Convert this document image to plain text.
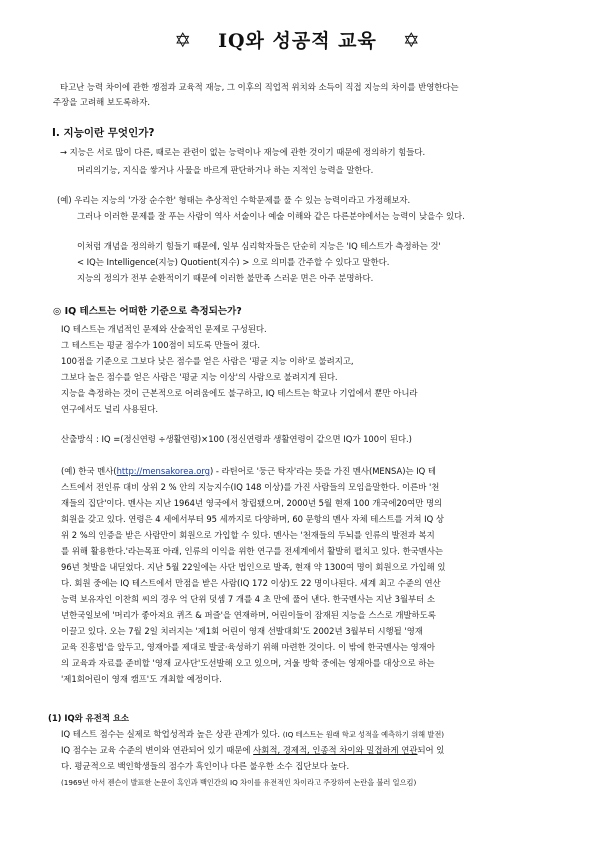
✡ IQ와 성공적 교육 ✡
타고난 능력 차이에 관한 쟁점과 교육적 재능, 그 이후의 직업적 위치와 소득이 직접 지능의 차이를 반영한다는
주장을 고려해 보도록하자.
I. 지능이란 무엇인가?
→ 지능은 서로 많이 다른, 때로는 관련이 없는 능력이나 재능에 관한 것이기 때문에 정의하기 힘들다.
머리의기능, 지식을 쌓거나 사물을 바르게 판단하거나 하는 지적인 능력을 말한다.
(예) 우리는 지능의 '가장 순수한' 형태는 추상적인 수학문제를 풀 수 있는 능력이라고 가정해보자.
그러나 이러한 문제를 잘 푸는 사람이 역사 서술이나 예술 이해와 같은 다른분야에서는 능력이 낮을수 있다.
이처럼 개념을 정의하기 힘들기 때문에, 일부 심리학자들은 단순히 지능은 'IQ 테스트가 측정하는 것'
< IQ는 Intelligence(지능) Quotient(지수) > 으로 의미를 간주할 수 있다고 말한다.
지능의 정의가 전부 순환적이기 때문에 이러한 불만족 스러운 면은 아주 분명하다.
◎ IQ 테스트는 어떠한 기준으로 측정되는가?
IQ 테스트는 개념적인 문제와 산술적인 문제로 구성된다.
그 테스트는 평균 점수가 100점이 되도록 만들어 졌다.
100점을 기준으로 그보다 낮은 점수를 얻은 사람은 '평균 지능 이하'로 불려지고,
그보다 높은 점수를 얻은 사람은 '평균 지능 이상'의 사람으로 불려지게 된다.
지능을 측정하는 것이 근본적으로 어려움에도 불구하고, IQ 테스트는 학교나 기업에서 뿐만 아니라
연구에서도 널리 사용된다.
산출방식 : IQ =(정신연령 ÷생활연령)×100 (정신연령과 생활연령이 같으면 IQ가 100이 된다.)
(예) 한국 멘사(http://mensakorea.org) - 라틴어로 '둥근 탁자'라는 뜻을 가진 멘사(MENSA)는 IQ 테
스트에서 전인류 대비 상위 2 % 안의 지능지수(IQ 148 이상)를 가진 사람들의 모임을말한다. 이른바 '천
재들의 집단'이다. 멘사는 지난 1964년 영국에서 창립됐으며, 2000년 5월 현재 100 개국에20여만 명의
회원을 갖고 있다. 연령은 4 세에서부터 95 세까지로 다양하며, 60 문항의 멘사 자체 테스트를 거쳐 IQ 상
위 2 %의 인증을 받은 사람만이 회원으로 가입할 수 있다. 멘사는 '천재들의 두뇌를 인류의 발전과 복지
를 위해 활용한다.'라는목표 아래, 인류의 이익을 위한 연구를 전세계에서 활발히 펼치고 있다. 한국멘사는
96년 첫발을 내딛었다. 지난 5월 22일에는 사단 법인으로 발족, 현재 약 1300여 명이 회원으로 가입해 있
다. 회원 중에는 IQ 테스트에서 만점을 받은 사람(IQ 172 이상)도 22 명이나된다. 세계 최고 수준의 연산
능력 보유자인 이찬희 씨의 경우 억 단위 덧셈 7 개를 4 초 만에 풀어 낸다. 한국멘사는 지난 3월부터 소
년한국일보에 '머리가 좋아져요 퀴즈 & 퍼즐'을 연재하며, 어린이들이 잠재된 지능을 스스로 개발하도록
이끌고 있다. 오는 7월 2일 치러지는 '제1회 어린이 영재 선발대회'도 2002년 3월부터 시행될 '영재
교육 진흥법'을 앞두고, 영재아를 제대로 발굴·육성하기 위해 마련한 것이다. 이 밖에 한국멘사는 영재아
의 교육과 자료를 준비할 '영재 교사단'도선발해 오고 있으며, 겨울 방학 중에는 영재아를 대상으로 하는
'제1회어린이 영재 캠프'도 개최할 예정이다.
(1) IQ와 유전적 요소
IQ 테스트 점수는 실제로 학업성적과 높은 상관 관계가 있다. (IQ 테스트는 원래 학교 성적을 예측하기 위해 발전)
IQ 점수는 교육 수준의 변이와 연관되어 있기 때문에 사회적, 경제적, 인종적 차이와 밀접하게 연관되어 있
다. 평균적으로 백인학생들의 점수가 흑인이나 다른 불우한 소수 집단보다 높다.
(1969년 아서 젠슨이 발표한 논문이 흑인과 백인간의 IQ 차이를 유전적인 차이라고 주장하여 논란을 불러 일으킴)
